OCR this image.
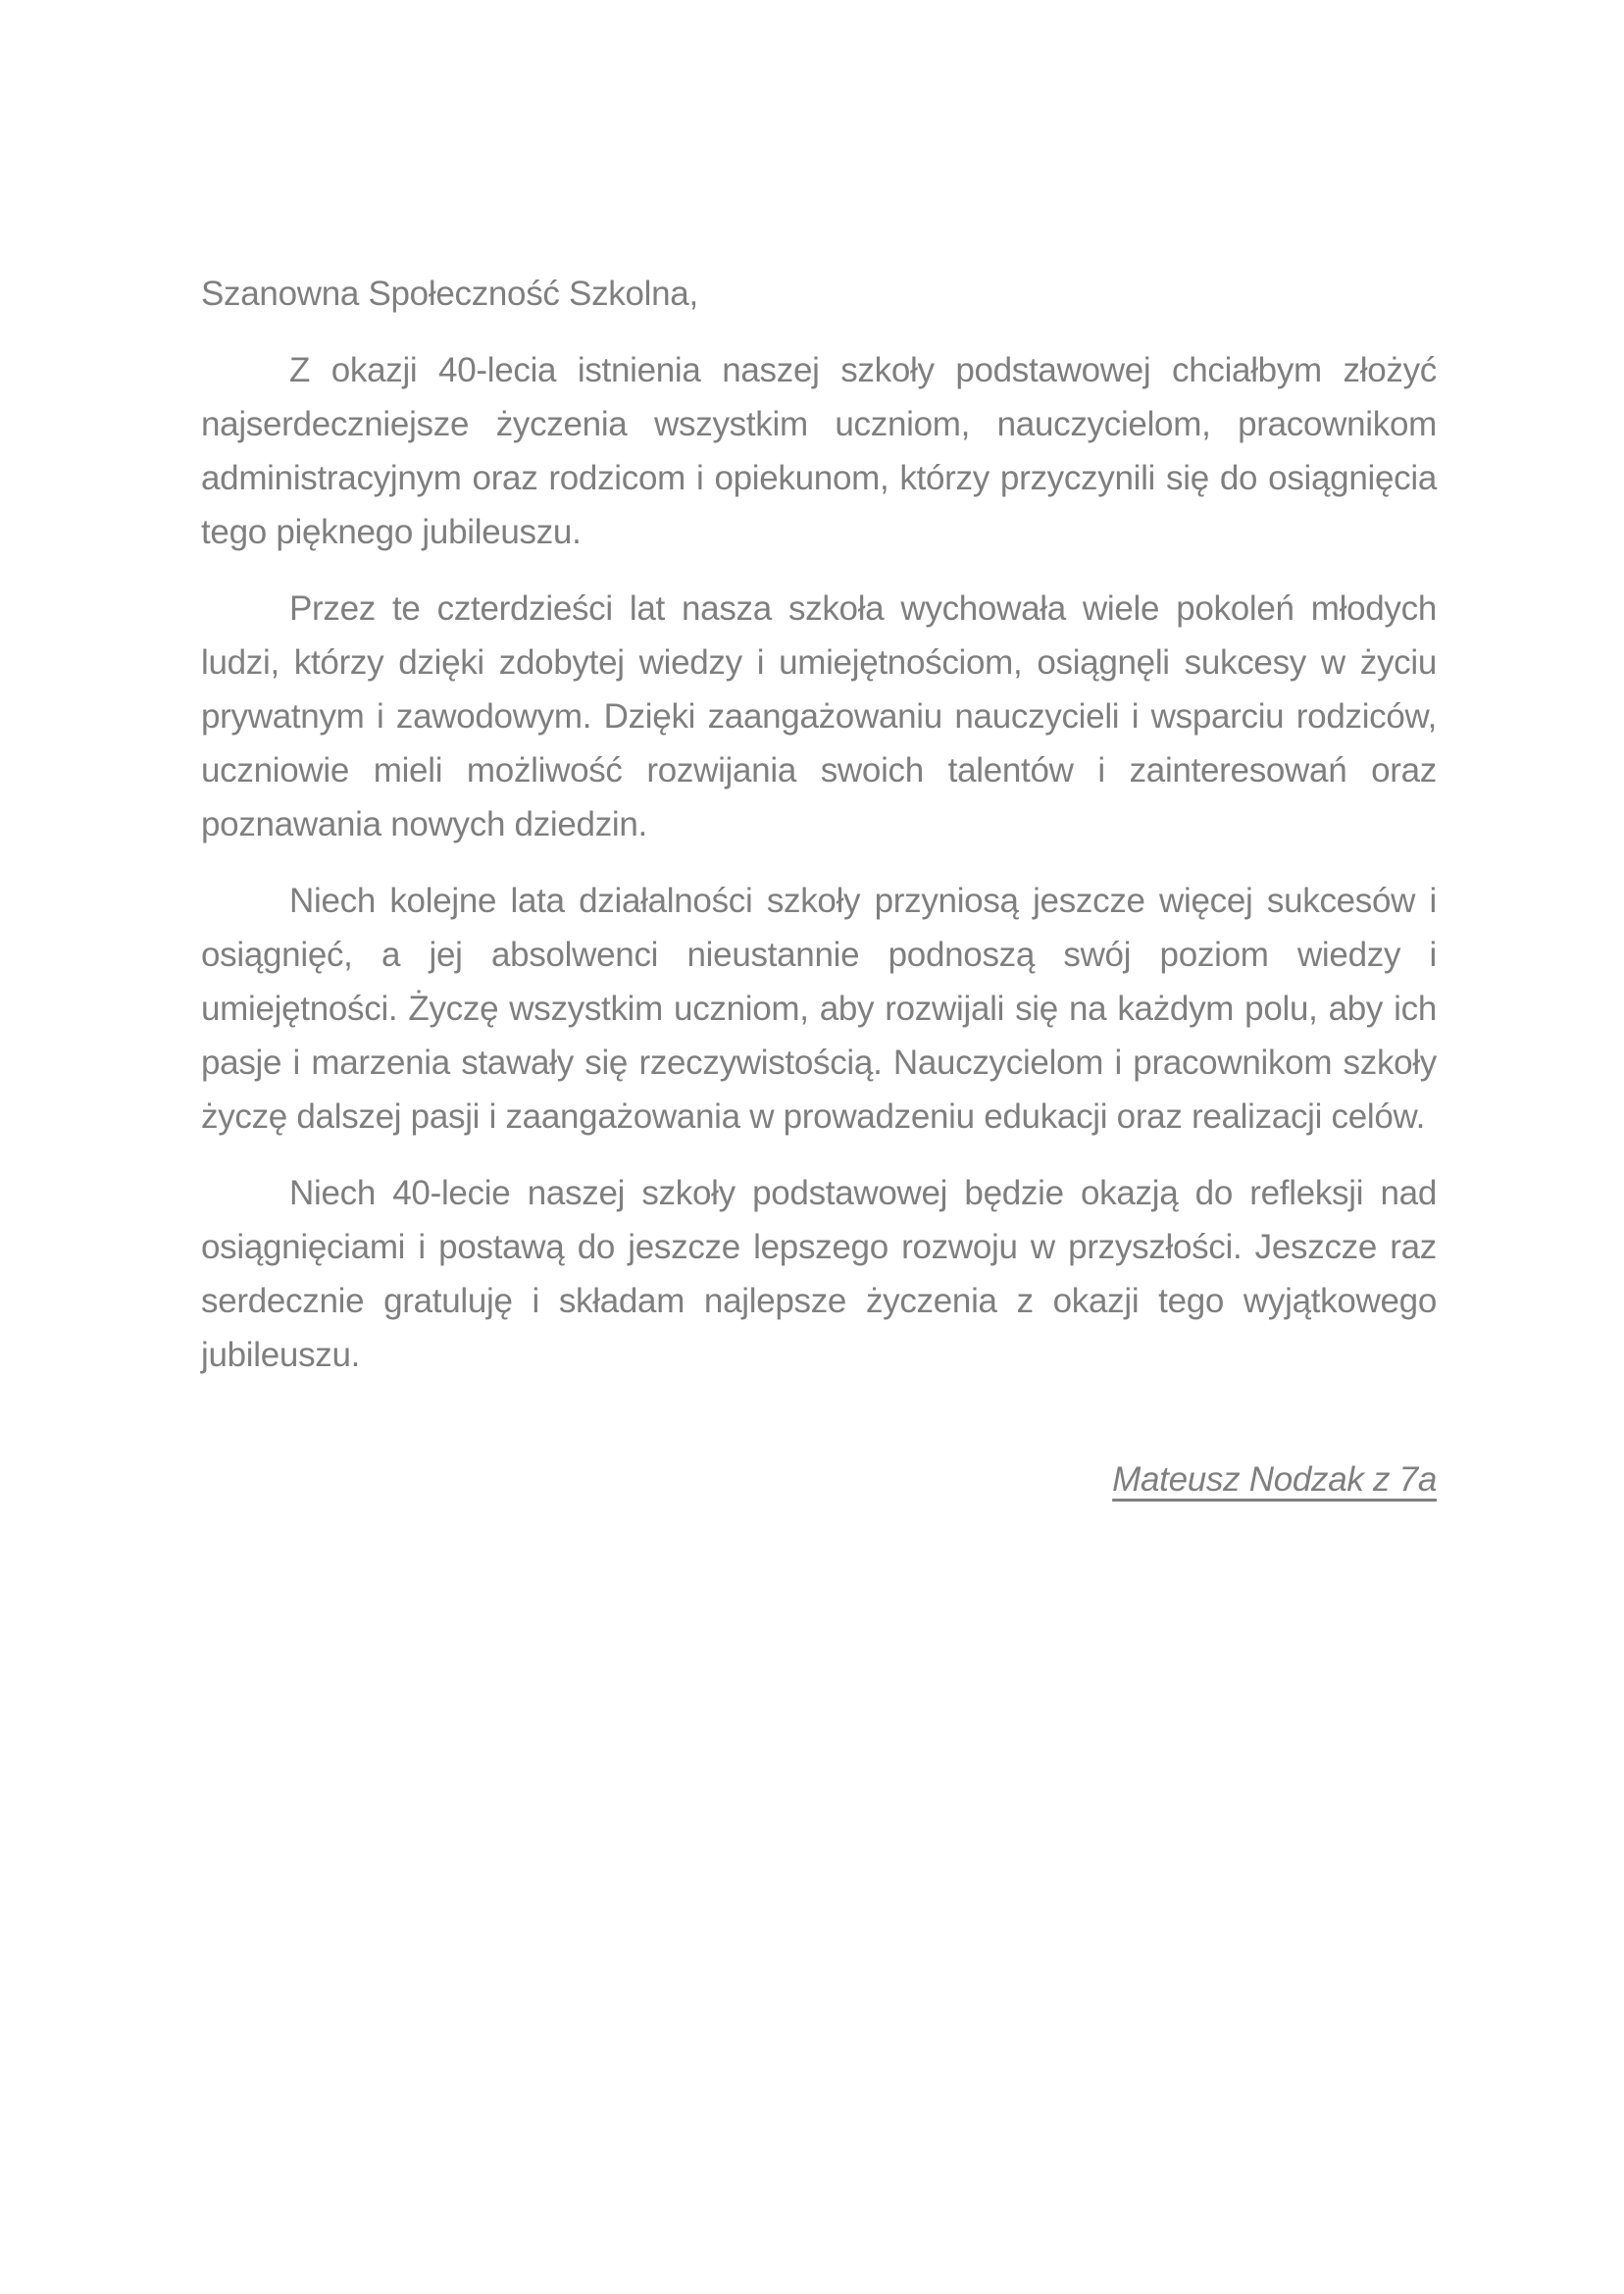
Szanowna Społeczność Szkolna,

Z okazji 40-lecia istnienia naszej szkoły podstawowej chciałbym złożyć najserdeczniejsze życzenia wszystkim uczniom, nauczycielom, pracownikom administracyjnym oraz rodzicom i opiekunom, którzy przyczynili się do osiągnięcia tego pięknego jubileuszu.

Przez te czterdzieści lat nasza szkoła wychowała wiele pokoleń młodych ludzi, którzy dzięki zdobytej wiedzy i umiejętnościom, osiągnęli sukcesy w życiu prywatnym i zawodowym. Dzięki zaangażowaniu nauczycieli i wsparciu rodziców, uczniowie mieli możliwość rozwijania swoich talentów i zainteresowań oraz poznawania nowych dziedzin.

Niech kolejne lata działalności szkoły przyniosą jeszcze więcej sukcesów i osiągnięć, a jej absolwenci nieustannie podnoszą swój poziom wiedzy i umiejętności. Życzę wszystkim uczniom, aby rozwijali się na każdym polu, aby ich pasje i marzenia stawały się rzeczywistością. Nauczycielom i pracownikom szkoły życzę dalszej pasji i zaangażowania w prowadzeniu edukacji oraz realizacji celów.

Niech 40-lecie naszej szkoły podstawowej będzie okazją do refleksji nad osiągnięciami i postawą do jeszcze lepszego rozwoju w przyszłości. Jeszcze raz serdecznie gratuluję i składam najlepsze życzenia z okazji tego wyjątkowego jubileuszu.

Mateusz Nodzak z 7a
